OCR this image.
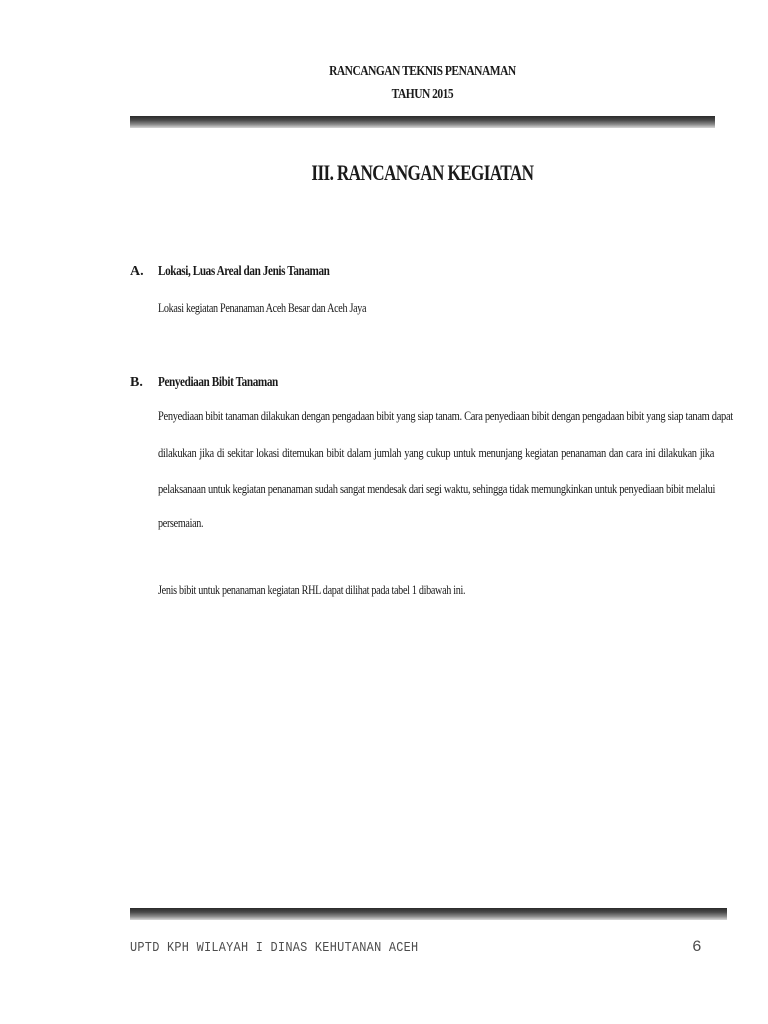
RANCANGAN TEKNIS PENANAMAN
TAHUN 2015
III. RANCANGAN KEGIATAN
A. Lokasi, Luas Areal dan Jenis Tanaman
Lokasi kegiatan Penanaman Aceh Besar dan Aceh Jaya
B. Penyediaan Bibit Tanaman
Penyediaan bibit tanaman dilakukan dengan pengadaan bibit yang siap tanam. Cara penyediaan bibit dengan pengadaan bibit yang siap tanam dapat
dilakukan jika di sekitar lokasi ditemukan bibit dalam jumlah yang cukup untuk menunjang kegiatan penanaman dan cara ini dilakukan jika
pelaksanaan untuk kegiatan penanaman sudah sangat mendesak dari segi waktu, sehingga tidak memungkinkan untuk penyediaan bibit melalui
persemaian.
Jenis bibit untuk penanaman kegiatan RHL dapat dilihat pada tabel 1 dibawah ini.
UPTD KPH WILAYAH I DINAS KEHUTANAN ACEH	6
